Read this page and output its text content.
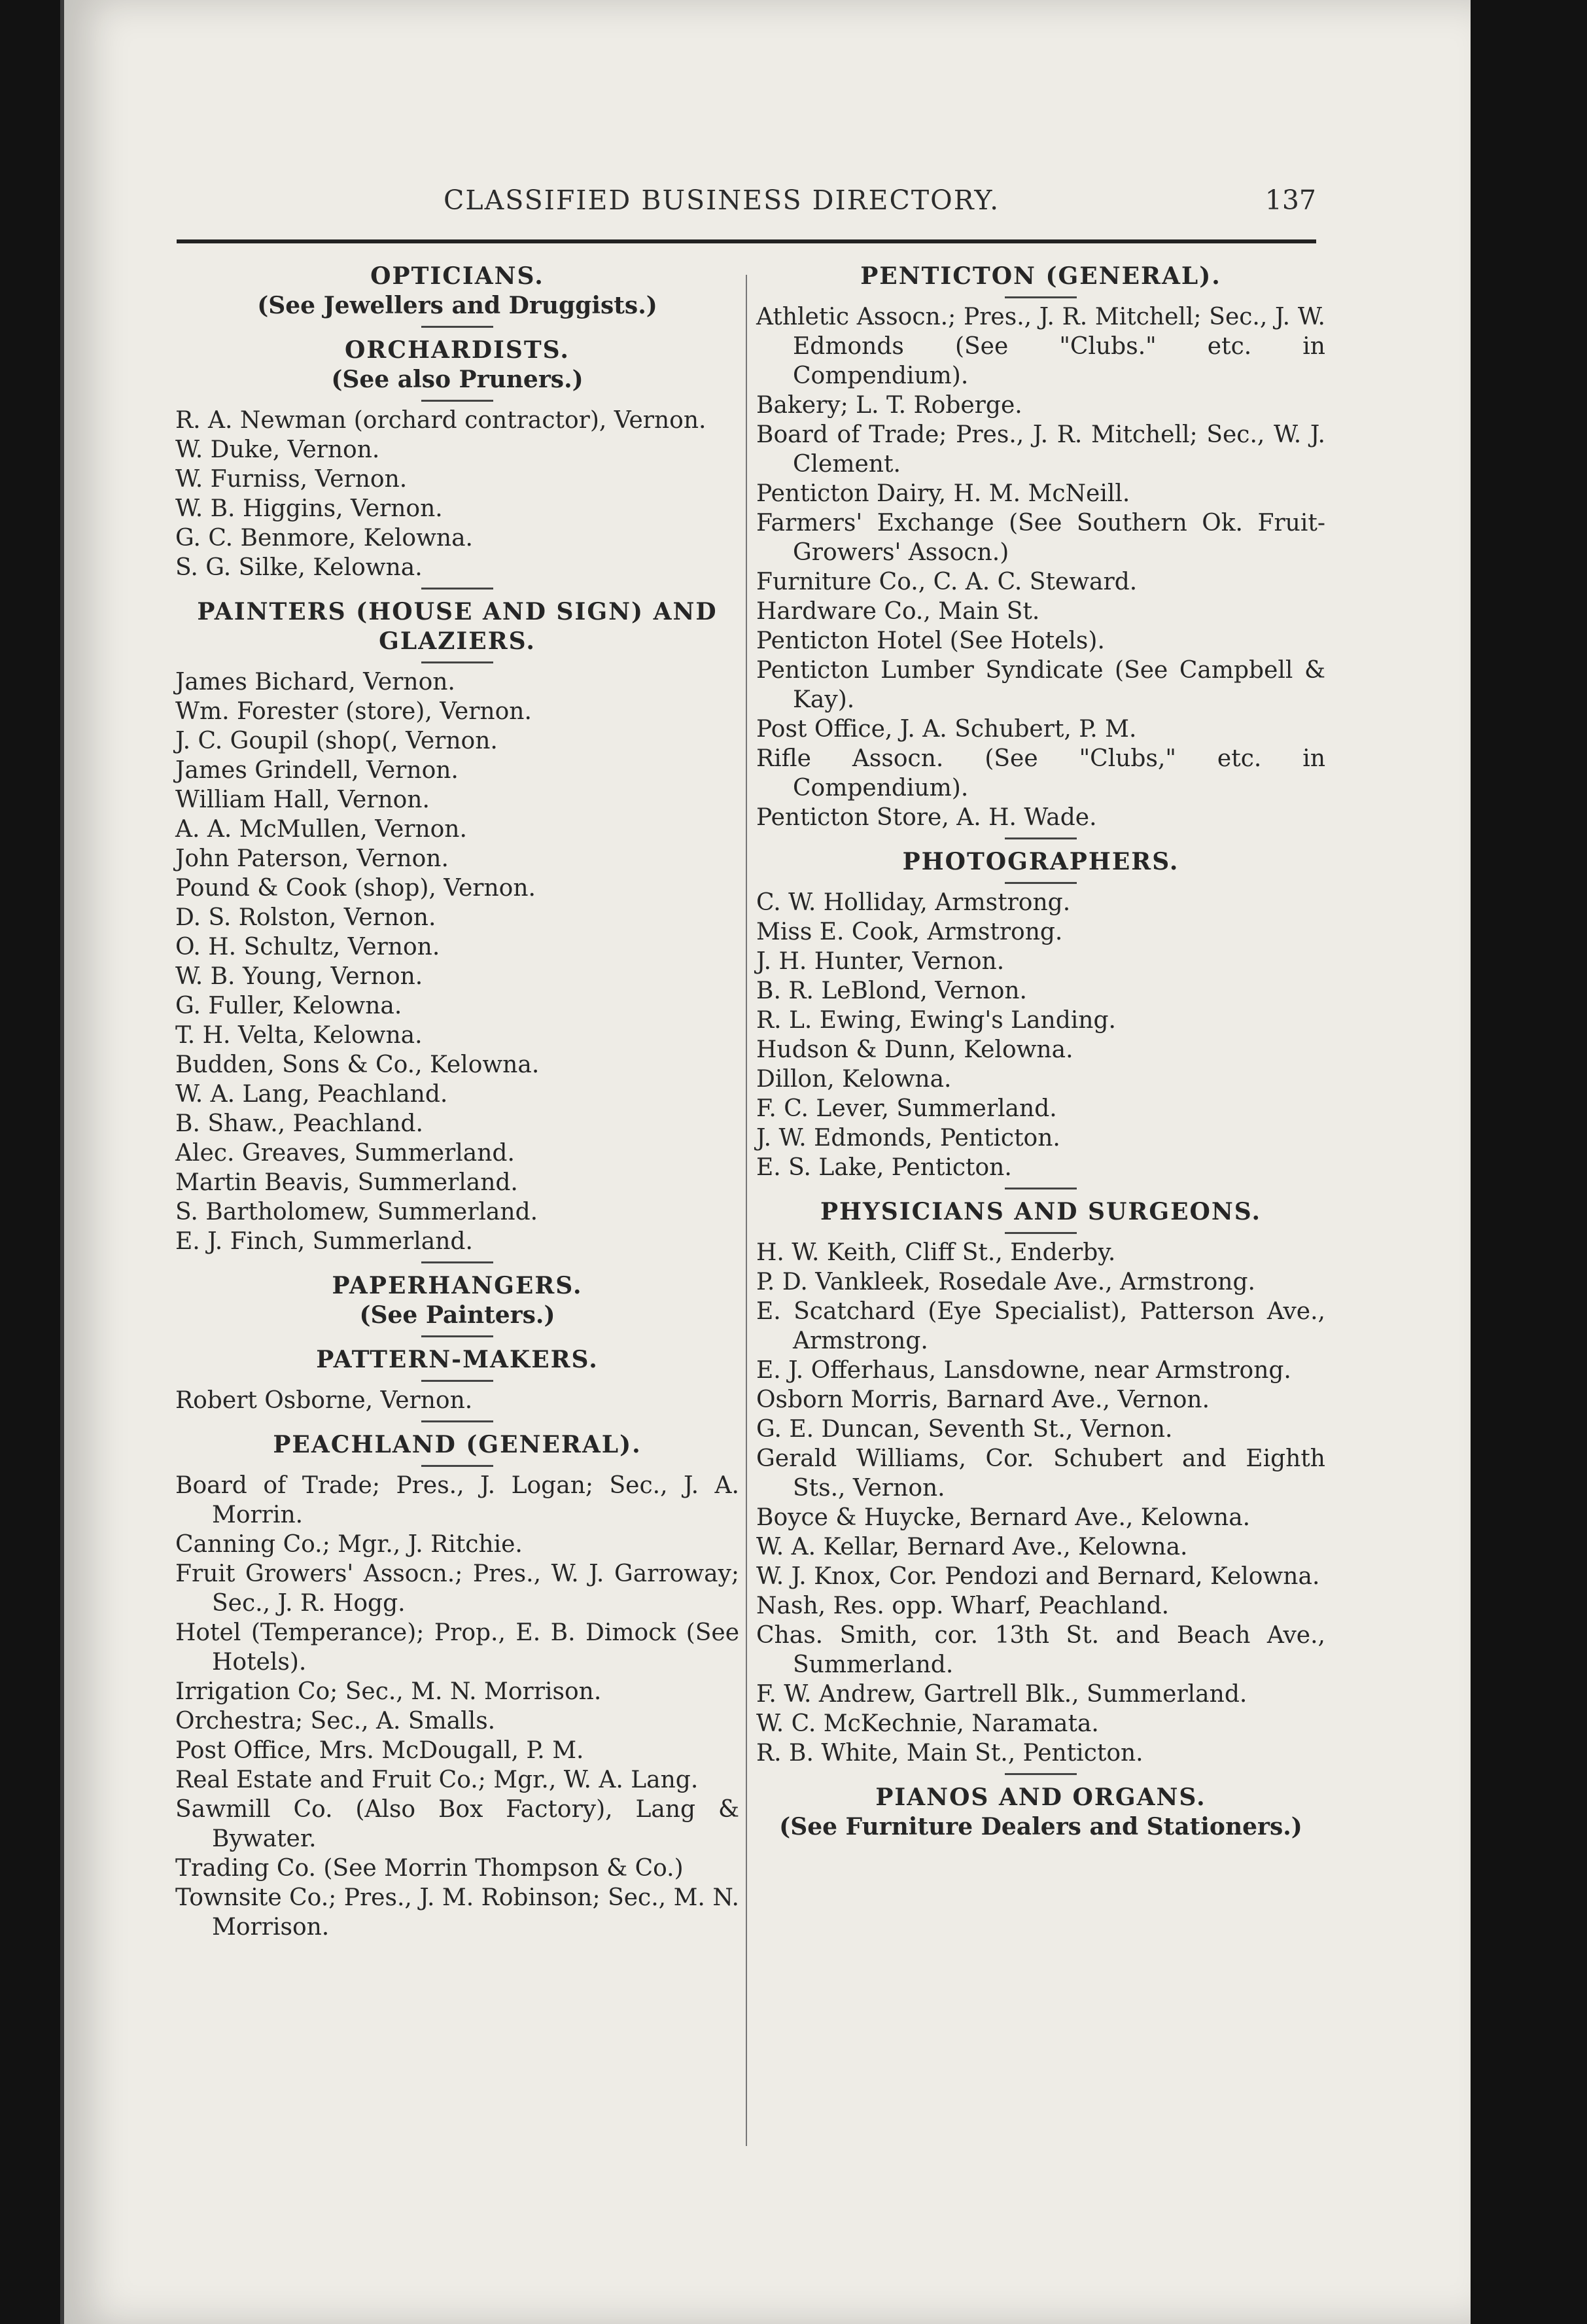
CLASSIFIED BUSINESS DIRECTORY.	137
OPTICIANS.
(See Jewellers and Druggists.)
ORCHARDISTS.
(See also Pruners.)
R. A. Newman (orchard contractor), Vernon.
W. Duke, Vernon.
W. Furniss, Vernon.
W. B. Higgins, Vernon.
G. C. Benmore, Kelowna.
S. G. Silke, Kelowna.
PAINTERS (HOUSE AND SIGN) AND GLAZIERS.
James Bichard, Vernon.
Wm. Forester (store), Vernon.
J. C. Goupil (shop(, Vernon.
James Grindell, Vernon.
William Hall, Vernon.
A. A. McMullen, Vernon.
John Paterson, Vernon.
Pound & Cook (shop), Vernon.
D. S. Rolston, Vernon.
O. H. Schultz, Vernon.
W. B. Young, Vernon.
G. Fuller, Kelowna.
T. H. Velta, Kelowna.
Budden, Sons & Co., Kelowna.
W. A. Lang, Peachland.
B. Shaw., Peachland.
Alec. Greaves, Summerland.
Martin Beavis, Summerland.
S. Bartholomew, Summerland.
E. J. Finch, Summerland.
PAPERHANGERS.
(See Painters.)
PATTERN-MAKERS.
Robert Osborne, Vernon.
PEACHLAND (GENERAL).
Board of Trade; Pres., J. Logan; Sec., J. A. Morrin.
Canning Co.; Mgr., J. Ritchie.
Fruit Growers' Assocn.; Pres., W. J. Garroway; Sec., J. R. Hogg.
Hotel (Temperance); Prop., E. B. Dimock (See Hotels).
Irrigation Co; Sec., M. N. Morrison.
Orchestra; Sec., A. Smalls.
Post Office, Mrs. McDougall, P. M.
Real Estate and Fruit Co.; Mgr., W. A. Lang.
Sawmill Co. (Also Box Factory), Lang & Bywater.
Trading Co. (See Morrin Thompson & Co.)
Townsite Co.; Pres., J. M. Robinson; Sec., M. N. Morrison.
PENTICTON (GENERAL).
Athletic Assocn.; Pres., J. R. Mitchell; Sec., J. W. Edmonds (See "Clubs." etc. in Compendium).
Bakery; L. T. Roberge.
Board of Trade; Pres., J. R. Mitchell; Sec., W. J. Clement.
Penticton Dairy, H. M. McNeill.
Farmers' Exchange (See Southern Ok. Fruit-Growers' Assocn.)
Furniture Co., C. A. C. Steward.
Hardware Co., Main St.
Penticton Hotel (See Hotels).
Penticton Lumber Syndicate (See Campbell & Kay).
Post Office, J. A. Schubert, P. M.
Rifle Assocn. (See "Clubs," etc. in Compendium).
Penticton Store, A. H. Wade.
PHOTOGRAPHERS.
C. W. Holliday, Armstrong.
Miss E. Cook, Armstrong.
J. H. Hunter, Vernon.
B. R. LeBlond, Vernon.
R. L. Ewing, Ewing's Landing.
Hudson & Dunn, Kelowna.
Dillon, Kelowna.
F. C. Lever, Summerland.
J. W. Edmonds, Penticton.
E. S. Lake, Penticton.
PHYSICIANS AND SURGEONS.
H. W. Keith, Cliff St., Enderby.
P. D. Vankleek, Rosedale Ave., Armstrong.
E. Scatchard (Eye Specialist), Patterson Ave., Armstrong.
E. J. Offerhaus, Lansdowne, near Armstrong.
Osborn Morris, Barnard Ave., Vernon.
G. E. Duncan, Seventh St., Vernon.
Gerald Williams, Cor. Schubert and Eighth Sts., Vernon.
Boyce & Huycke, Bernard Ave., Kelowna.
W. A. Kellar, Bernard Ave., Kelowna.
W. J. Knox, Cor. Pendozi and Bernard, Kelowna.
Nash, Res. opp. Wharf, Peachland.
Chas. Smith, cor. 13th St. and Beach Ave., Summerland.
F. W. Andrew, Gartrell Blk., Summerland.
W. C. McKechnie, Naramata.
R. B. White, Main St., Penticton.
PIANOS AND ORGANS.
(See Furniture Dealers and Stationers.)
